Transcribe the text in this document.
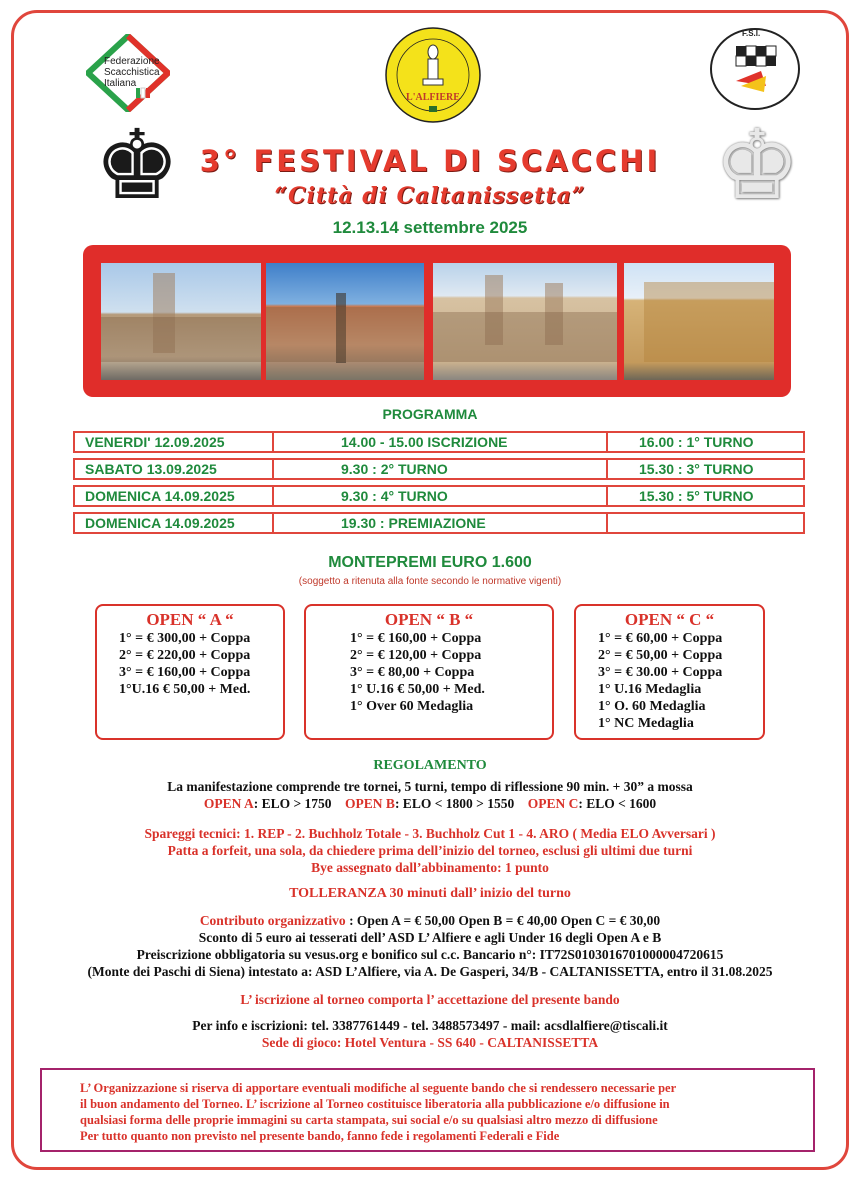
Federazione
Scacchistica
Italiana
L'ALFIERE
F.S.I.
♚	♚
3° FESTIVAL DI SCACCHI
“Città di Caltanissetta”
12.13.14 settembre 2025
PROGRAMMA
VENERDI' 12.09.2025	14.00 - 15.00 ISCRIZIONE	16.00 : 1° TURNO
SABATO 13.09.2025	9.30 : 2° TURNO	15.30 : 3° TURNO
DOMENICA 14.09.2025	9.30 : 4° TURNO	15.30 : 5° TURNO
DOMENICA 14.09.2025	19.30 : PREMIAZIONE
MONTEPREMI EURO 1.600
(soggetto a ritenuta alla fonte secondo le normative vigenti)
OPEN “ A “
1° = € 300,00 + Coppa
2° = € 220,00 + Coppa
3° = € 160,00 + Coppa
1°U.16 € 50,00 + Med.
OPEN “ B “
1° = € 160,00 + Coppa
2° = € 120,00 + Coppa
3° = € 80,00 + Coppa
1° U.16 € 50,00 + Med.
1° Over 60 Medaglia
OPEN “ C “
1° = € 60,00 + Coppa
2° = € 50,00 + Coppa
3° = € 30.00 + Coppa
1° U.16 Medaglia
1° O. 60 Medaglia
1° NC Medaglia
REGOLAMENTO
La manifestazione comprende tre tornei, 5 turni, tempo di riflessione 90 min. + 30” a mossa
OPEN A: ELO > 1750 OPEN B: ELO < 1800 > 1550 OPEN C: ELO < 1600
Spareggi tecnici: 1. REP - 2. Buchholz Totale - 3. Buchholz Cut 1 - 4. ARO ( Media ELO Avversari )
Patta a forfeit, una sola, da chiedere prima dell’inizio del torneo, esclusi gli ultimi due turni
Bye assegnato dall’abbinamento: 1 punto
TOLLERANZA 30 minuti dall’ inizio del turno
Contributo organizzativo : Open A = € 50,00 Open B = € 40,00 Open C = € 30,00
Sconto di 5 euro ai tesserati dell’ ASD L’ Alfiere e agli Under 16 degli Open A e B
Preiscrizione obbligatoria su vesus.org e bonifico sul c.c. Bancario n°: IT72S0103016701000004720615
(Monte dei Paschi di Siena) intestato a: ASD L’Alfiere, via A. De Gasperi, 34/B - CALTANISSETTA, entro il 31.08.2025
L’ iscrizione al torneo comporta l’ accettazione del presente bando
Per info e iscrizioni: tel. 3387761449 - tel. 3488573497 - mail: acsdlalfiere@tiscali.it
Sede di gioco: Hotel Ventura - SS 640 - CALTANISSETTA
L’ Organizzazione si riserva di apportare eventuali modifiche al seguente bando che si rendessero necessarie per
il buon andamento del Torneo. L’ iscrizione al Torneo costituisce liberatoria alla pubblicazione e/o diffusione in
qualsiasi forma delle proprie immagini su carta stampata, sui social e/o su qualsiasi altro mezzo di diffusione
Per tutto quanto non previsto nel presente bando, fanno fede i regolamenti Federali e Fide
